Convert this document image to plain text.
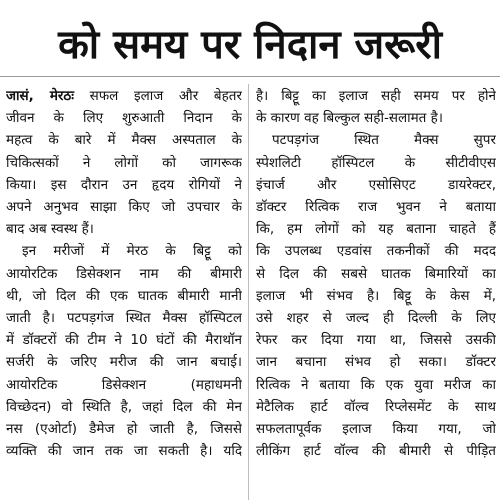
को समय पर निदान जरूरी
जासं, मेरठः सफल इलाज और बेहतर
जीवन के लिए शुरुआती निदान के
महत्व के बारे में मैक्स अस्पताल के
चिकित्सकों ने लोगों को जागरूक
किया। इस दौरान उन हृदय रोगियों ने
अपने अनुभव साझा किए जो उपचार के
बाद अब स्वस्थ हैं।
इन मरीजों में मेरठ के बिट्टू को
आयोरटिक डिसेक्शन नाम की बीमारी
थी, जो दिल की एक घातक बीमारी मानी
जाती है। पटपड़गंज स्थित मैक्स हॉस्पिटल
में डॉक्टरों की टीम ने 10 घंटों की मैराथॉन
सर्जरी के जरिए मरीज की जान बचाई।
आयोरटिक डिसेक्शन (महाधमनी
विच्छेदन) वो स्थिति है, जहां दिल की मेन
नस (एओर्टा) डैमेज हो जाती है, जिससे
व्यक्ति की जान तक जा सकती है। यदि
है। बिट्टू का इलाज सही समय पर होने
के कारण वह बिल्कुल सही-सलामत है।
पटपड़गंज स्थित मैक्स सुपर
स्पेशलिटी हॉस्पिटल के सीटीवीएस
इंचार्ज और एसोसिएट डायरेक्टर,
डॉक्टर रित्विक राज भुवन ने बताया
कि, हम लोगों को यह बताना चाहते हैं
कि उपलब्ध एडवांस तकनीकों की मदद
से दिल की सबसे घातक बिमारियों का
इलाज भी संभव है। बिट्टू के केस में,
उसे शहर से जल्द ही दिल्ली के लिए
रेफर कर दिया गया था, जिससे उसकी
जान बचाना संभव हो सका। डॉक्टर
रित्विक ने बताया कि एक युवा मरीज का
मेटैलिक हार्ट वॉल्व रिप्लेसमेंट के साथ
सफलतापूर्वक इलाज किया गया, जो
लीकिंग हार्ट वॉल्व की बीमारी से पीड़ित
